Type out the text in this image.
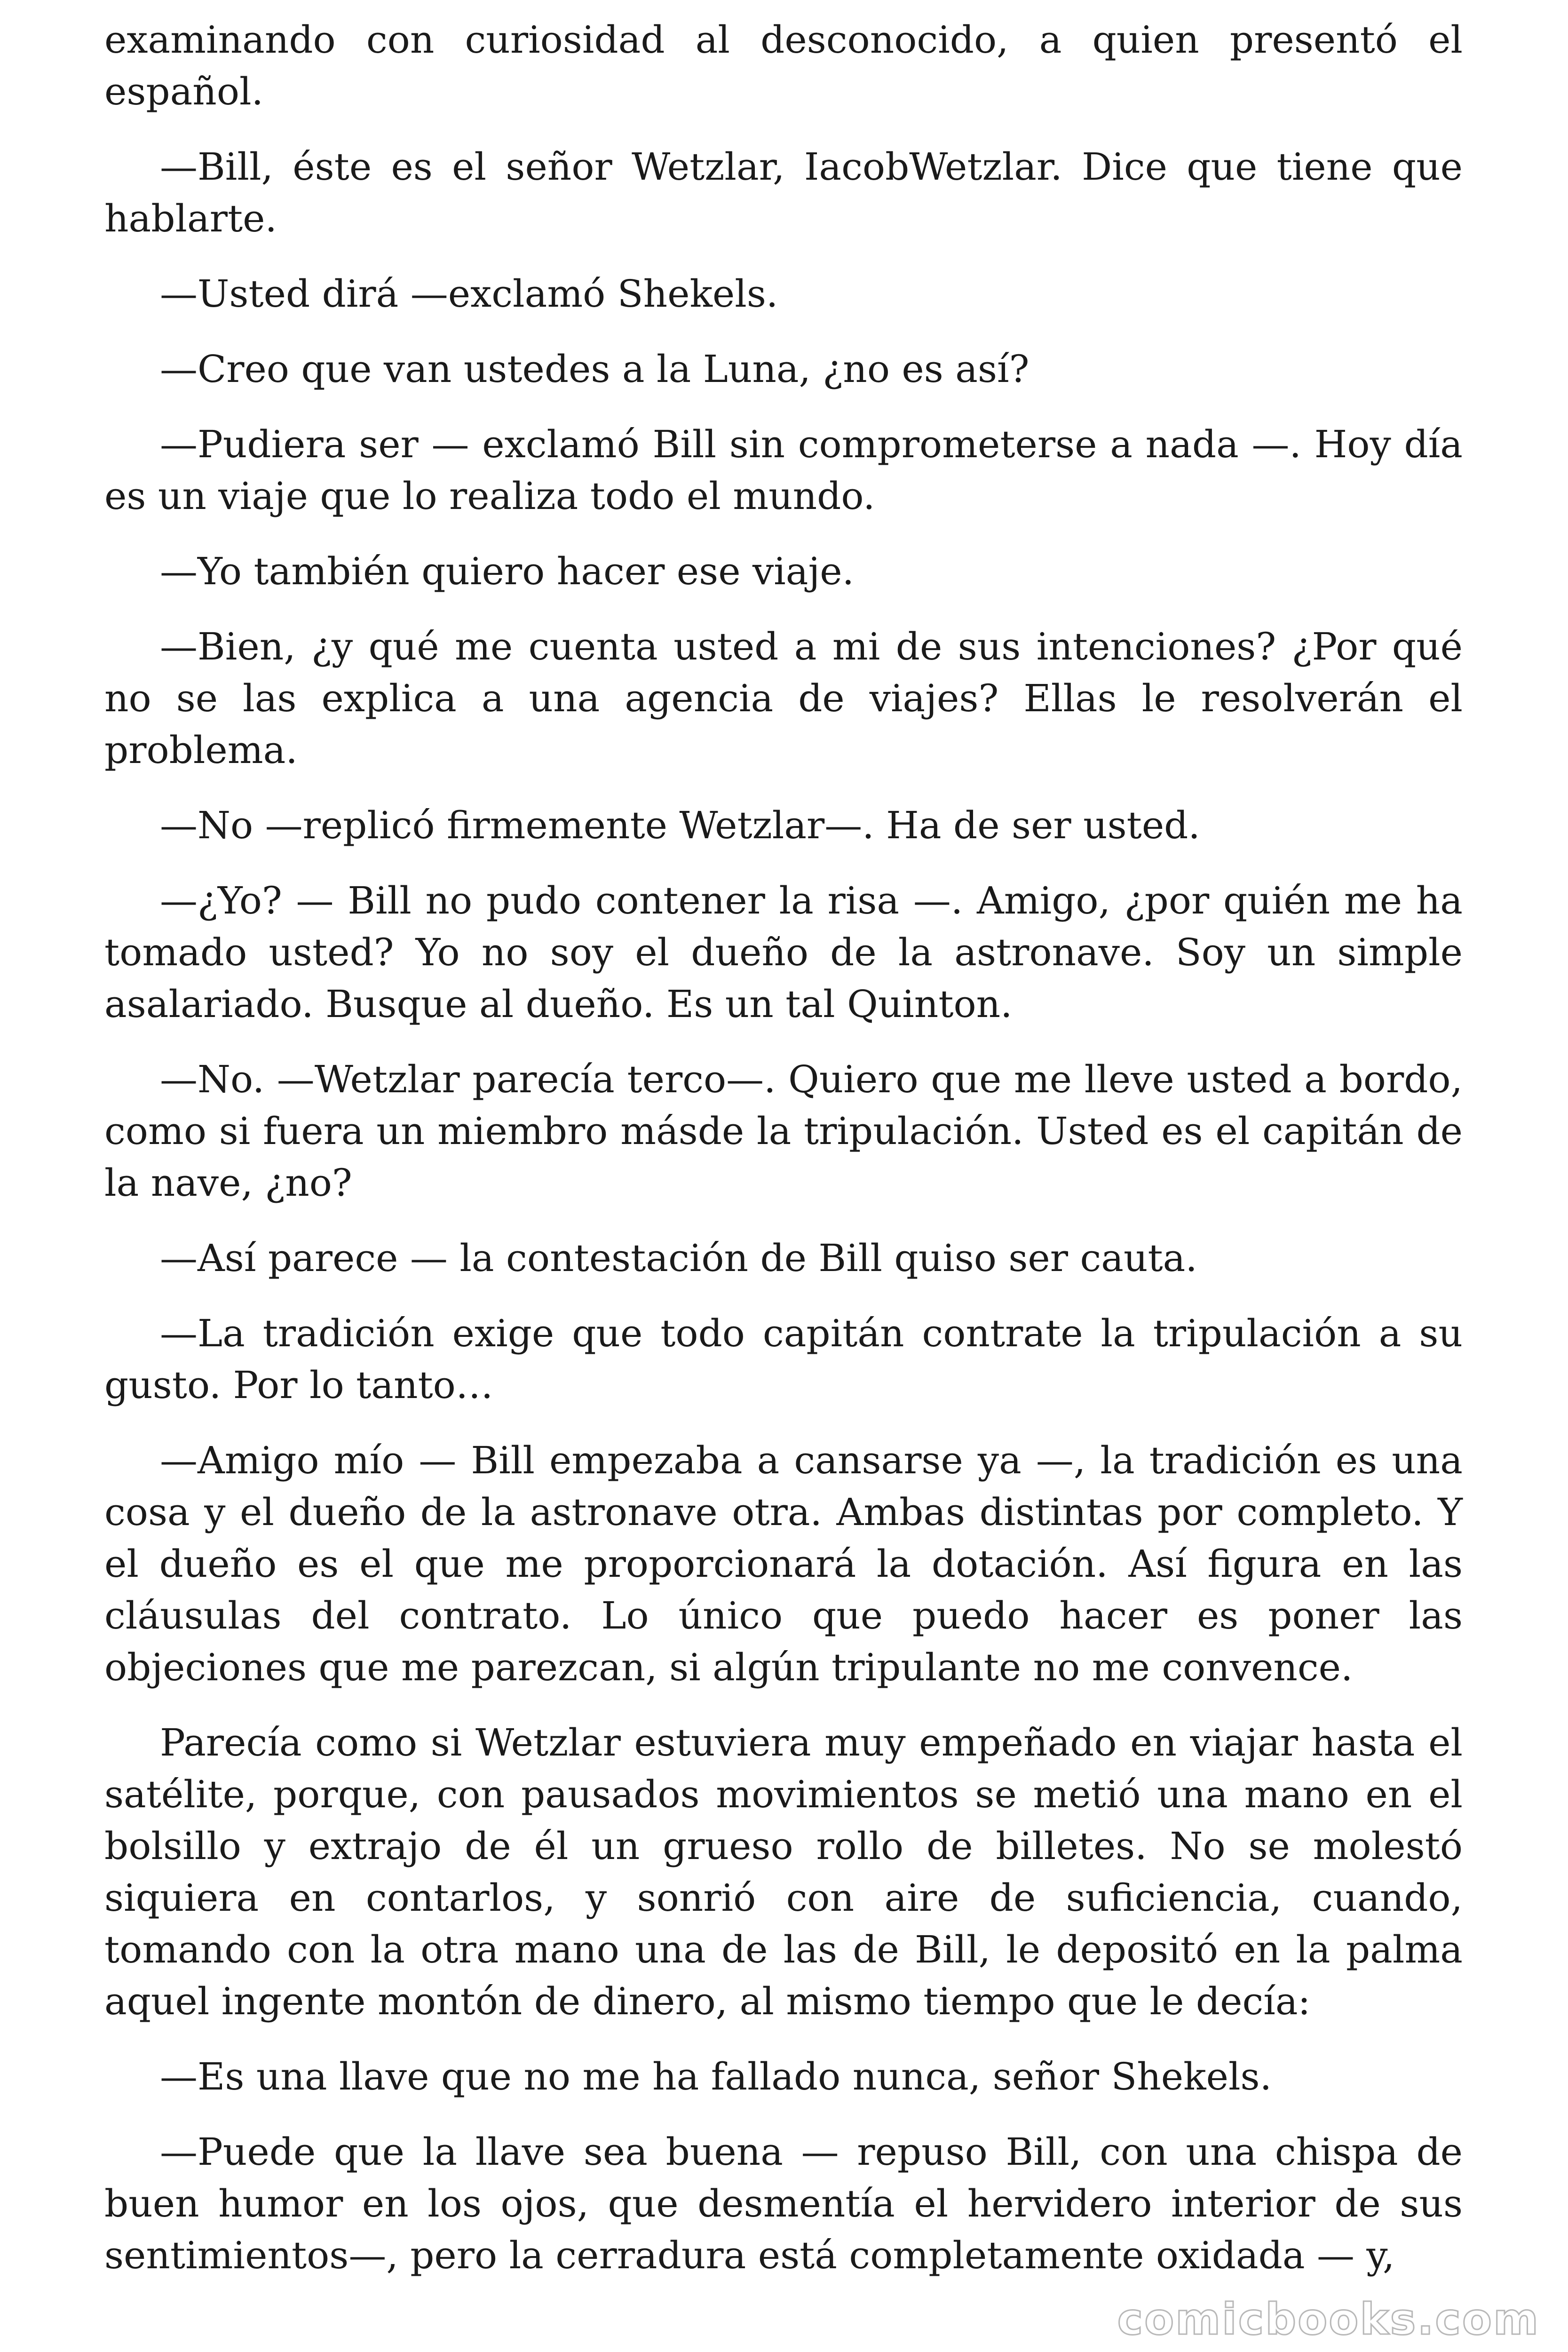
examinando con curiosidad al desconocido, a quien presentó el español.

—Bill, éste es el señor Wetzlar, IacobWetzlar. Dice que tiene que hablarte.

—Usted dirá —exclamó Shekels.

—Creo que van ustedes a la Luna, ¿no es así?

—Pudiera ser — exclamó Bill sin comprometerse a nada —. Hoy día es un viaje que lo realiza todo el mundo.

—Yo también quiero hacer ese viaje.

—Bien, ¿y qué me cuenta usted a mi de sus intenciones? ¿Por qué no se las explica a una agencia de viajes? Ellas le resolverán el problema.

—No —replicó firmemente Wetzlar—. Ha de ser usted.

—¿Yo? — Bill no pudo contener la risa —. Amigo, ¿por quién me ha tomado usted? Yo no soy el dueño de la astronave. Soy un simple asalariado. Busque al dueño. Es un tal Quinton.

—No. —Wetzlar parecía terco—. Quiero que me lleve usted a bordo, como si fuera un miembro másde la tripulación. Usted es el capitán de la nave, ¿no?

—Así parece — la contestación de Bill quiso ser cauta.

—La tradición exige que todo capitán contrate la tripulación a su gusto. Por lo tanto…

—Amigo mío — Bill empezaba a cansarse ya —, la tradición es una cosa y el dueño de la astronave otra. Ambas distintas por completo. Y el dueño es el que me proporcionará la dotación. Así figura en las cláusulas del contrato. Lo único que puedo hacer es poner las objeciones que me parezcan, si algún tripulante no me convence.

Parecía como si Wetzlar estuviera muy empeñado en viajar hasta el satélite, porque, con pausados movimientos se metió una mano en el bolsillo y extrajo de él un grueso rollo de billetes. No se molestó siquiera en contarlos, y sonrió con aire de suficiencia, cuando, tomando con la otra mano una de las de Bill, le depositó en la palma aquel ingente montón de dinero, al mismo tiempo que le decía:

—Es una llave que no me ha fallado nunca, señor Shekels.

—Puede que la llave sea buena — repuso Bill, con una chispa de buen humor en los ojos, que desmentía el hervidero interior de sus sentimientos—, pero la cerradura está completamente oxidada — y,

comicbooks.com
